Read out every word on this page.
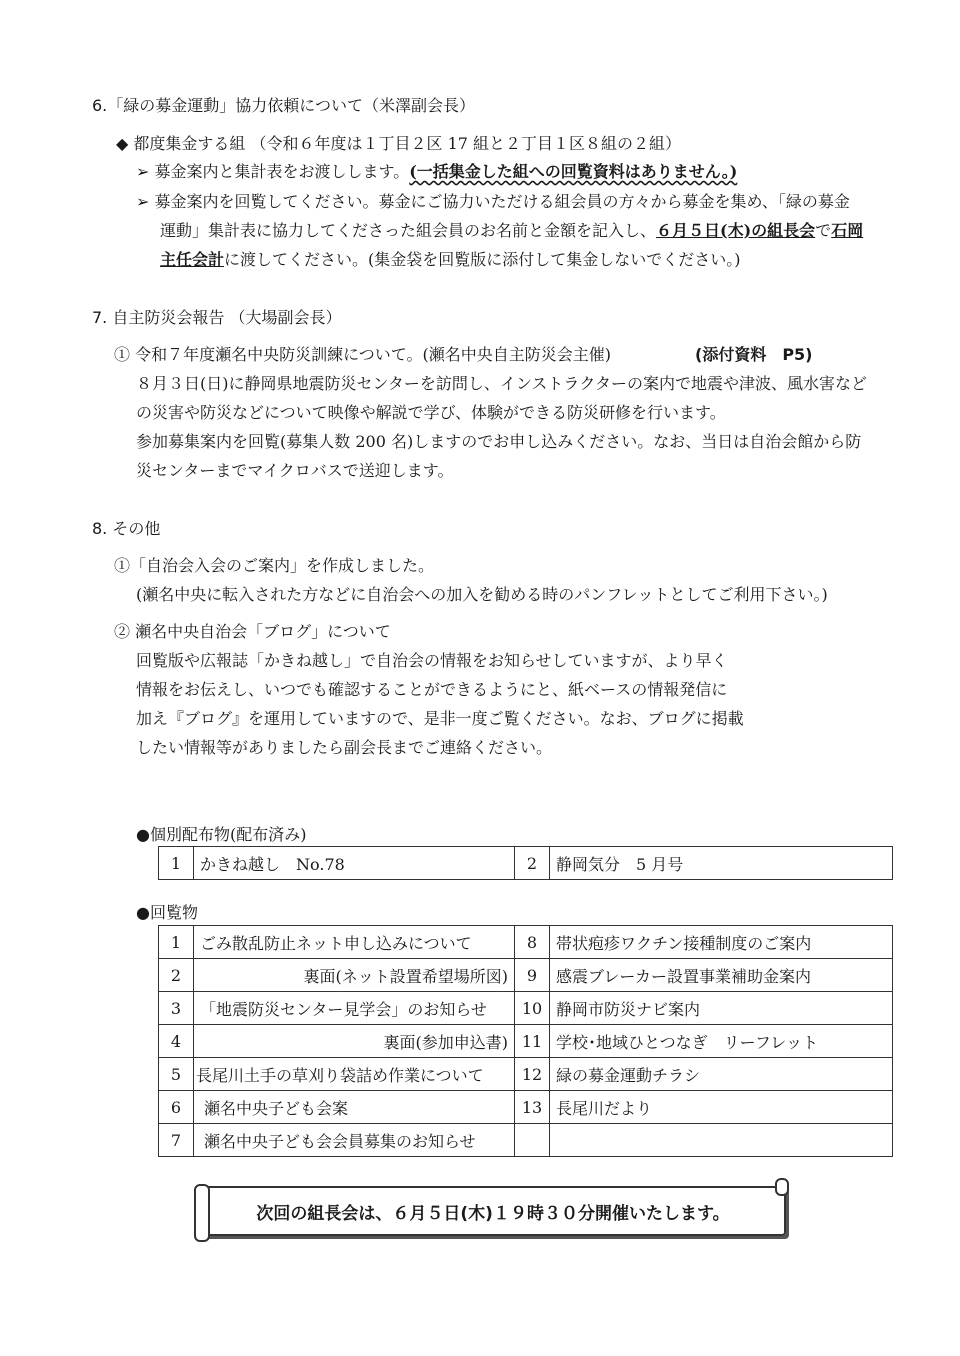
6.「緑の募金運動」協力依頼について（米澤副会長）
◆ 都度集金する組 （令和６年度は１丁目２区 17 組と２丁目１区８組の２組）
➢ 募金案内と集計表をお渡しします。(一括集金した組への回覧資料はありません。)
➢ 募金案内を回覧してください。募金にご協力いただける組会員の方々から募金を集め、「緑の募金
運動」集計表に協力してくださった組会員のお名前と金額を記入し、６月５日(木)の組長会で石岡
主任会計に渡してください。(集金袋を回覧版に添付して集金しないでください。)
7. 自主防災会報告 （大場副会長）
① 令和７年度瀬名中央防災訓練について。(瀬名中央自主防災会主催)	(添付資料　P5)
８月３日(日)に静岡県地震防災センターを訪問し、インストラクターの案内で地震や津波、風水害など
の災害や防災などについて映像や解説で学び、体験ができる防災研修を行います。
参加募集案内を回覧(募集人数 200 名)しますのでお申し込みください。なお、当日は自治会館から防
災センターまでマイクロバスで送迎します。
8. その他
①「自治会入会のご案内」を作成しました。
(瀬名中央に転入された方などに自治会への加入を勧める時のパンフレットとしてご利用下さい。)
② 瀬名中央自治会「ブログ」について
回覧版や広報誌「かきね越し」で自治会の情報をお知らせしていますが、より早く
情報をお伝えし、いつでも確認することができるようにと、紙ベースの情報発信に
加え『ブログ』を運用していますので、是非一度ご覧ください。なお、ブログに掲載
したい情報等がありましたら副会長までご連絡ください。
●個別配布物(配布済み)
1	かきね越し　No.78	2	静岡気分　5 月号
●回覧物
1	ごみ散乱防止ネット申し込みについて	8	帯状疱疹ワクチン接種制度のご案内
2	裏面(ネット設置希望場所図)	9	感震ブレーカー設置事業補助金案内
3	「地震防災センター見学会」のお知らせ	10	静岡市防災ナビ案内
4	裏面(参加申込書)	11	学校･地域ひとつなぎ　リーフレット
5	長尾川土手の草刈り袋詰め作業について	12	緑の募金運動チラシ
6	瀬名中央子ども会案	13	長尾川だより
7	瀬名中央子ども会会員募集のお知らせ		
次回の組長会は、６月５日(木)１９時３０分開催いたします。
